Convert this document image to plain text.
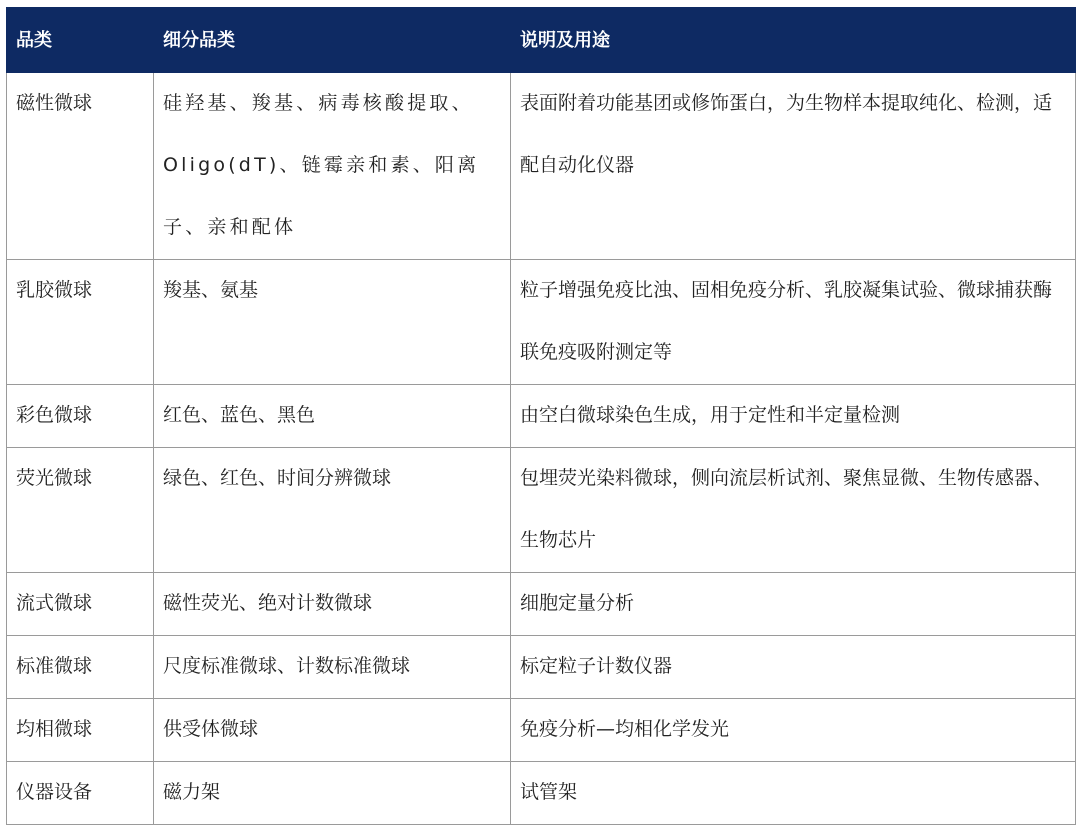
品类	细分品类	说明及用途

磁性微球	硅羟基、羧基、病毒核酸提取、Oligo(dT)、链霉亲和素、阳离子、亲和配体	表面附着功能基团或修饰蛋白，为生物样本提取纯化、检测，适配自动化仪器

乳胶微球	羧基、氨基	粒子增强免疫比浊、固相免疫分析、乳胶凝集试验、微球捕获酶联免疫吸附测定等

彩色微球	红色、蓝色、黑色	由空白微球染色生成，用于定性和半定量检测

荧光微球	绿色、红色、时间分辨微球	包埋荧光染料微球，侧向流层析试剂、聚焦显微、生物传感器、生物芯片

流式微球	磁性荧光、绝对计数微球	细胞定量分析

标准微球	尺度标准微球、计数标准微球	标定粒子计数仪器

均相微球	供受体微球	免疫分析—均相化学发光

仪器设备	磁力架	试管架
